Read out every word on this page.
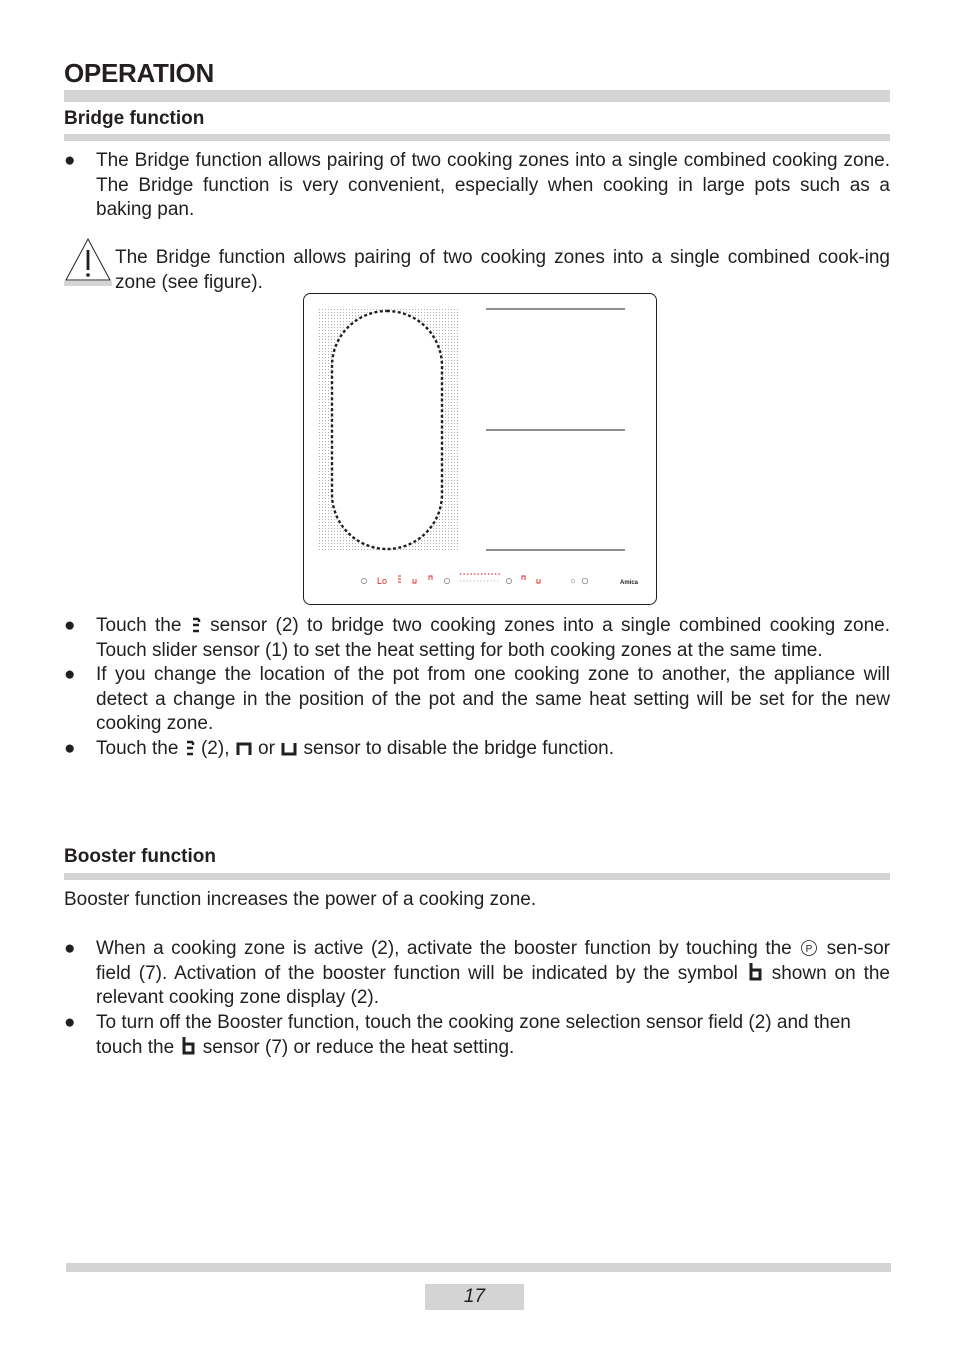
OPERATION
Bridge function
●	The Bridge function allows pairing of two cooking zones into a single combined cooking zone. The Bridge function is very convenient, especially when cooking in large pots such as a baking pan.
The Bridge function allows pairing of two cooking zones into a single combined cook-ing zone (see figure).
Lo	Amica
●	Touch the sensor (2) to bridge two cooking zones into a single combined cooking zone. Touch slider sensor (1) to set the heat setting for both cooking zones at the same time.
●	If you change the location of the pot from one cooking zone to another, the appliance will detect a change in the position of the pot and the same heat setting will be set for the new cooking zone.
●	Touch the (2), or sensor to disable the bridge function.
Booster function
Booster function increases the power of a cooking zone.
●	When a cooking zone is active (2), activate the booster function by touching the P sen-sor field (7). Activation of the booster function will be indicated by the symbol shown on the relevant cooking zone display (2).
●	To turn off the Booster function, touch the cooking zone selection sensor field (2) and then touch the sensor (7) or reduce the heat setting.
17
